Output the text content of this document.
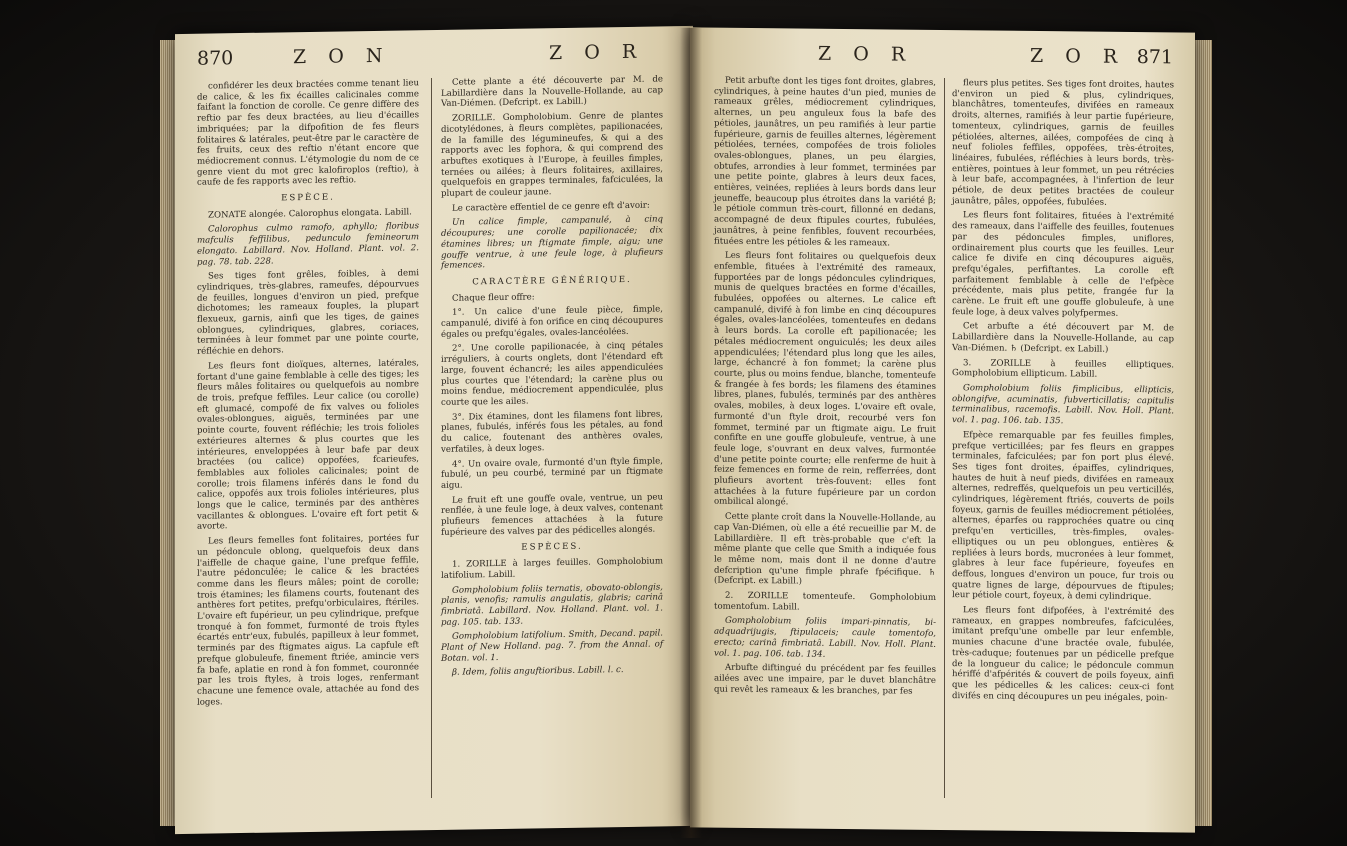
870	Z O N	Z O R

confidérer les deux bractées comme tenant lieu de calice, & les fix écailles calicinales comme faifant la fonction de corolle. Ce genre diffère des reftio par fes deux bractées, au lieu d'écailles imbriquées; par la difpofition de fes fleurs folitaires & latérales, peut-être par le caractère de fes fruits, ceux des reftio n'étant encore que médiocrement connus. L'étymologie du nom de ce genre vient du mot grec kalofiroplos (reftio), à caufe de fes rapports avec les reftio.

ESPÈCE.

ZONATE alongée. Calorophus elongata. Labill.

Calorophus culmo ramofo, aphyllo; floribus mafculis feffilibus, pedunculo femineorum elongato. Labillard. Nov. Holland. Plant. vol. 2. pag. 78. tab. 228.

Ses tiges font grêles, foibles, à demi cylindriques, très-glabres, rameufes, dépourvues de feuilles, longues d'environ un pied, prefque dichotomes; les rameaux fouples, la plupart flexueux, garnis, ainfi que les tiges, de gaines oblongues, cylindriques, glabres, coriaces, terminées à leur fommet par une pointe courte, réfléchie en dehors.

Les fleurs font dioïques, alternes, latérales, fortant d'une gaine femblable à celle des tiges; les fleurs mâles folitaires ou quelquefois au nombre de trois, prefque feffiles. Leur calice (ou corolle) eft glumacé, compofé de fix valves ou folioles ovales-oblongues, aiguës, terminées par une pointe courte, fouvent réfléchie; les trois folioles extérieures alternes & plus courtes que les intérieures, enveloppées à leur bafe par deux bractées (ou calice) oppofées, fcarieufes, femblables aux folioles calicinales; point de corolle; trois filamens inférés dans le fond du calice, oppofés aux trois folioles intérieures, plus longs que le calice, terminés par des anthères vacillantes & oblongues. L'ovaire eft fort petit & avorte.

Les fleurs femelles font folitaires, portées fur un pédoncule oblong, quelquefois deux dans l'aiffelle de chaque gaine, l'une prefque feffile, l'autre pédonculée; le calice & les bractées comme dans les fleurs mâles; point de corolle; trois étamines; les filamens courts, foutenant des anthères fort petites, prefqu'orbiculaires, ftériles. L'ovaire eft fupérieur, un peu cylindrique, prefque tronqué à fon fommet, furmonté de trois ftyles écartés entr'eux, fubulés, papilleux à leur fommet, terminés par des ftigmates aigus. La capfule eft prefque globuleufe, finement ftriée, amincie vers fa bafe, aplatie en rond à fon fommet, couronnée par les trois ftyles, à trois loges, renfermant chacune une femence ovale, attachée au fond des loges.

Cette plante a été découverte par M. de Labillardière dans la Nouvelle-Hollande, au cap Van-Diémen. (Defcript. ex Labill.)

ZORILLE. Gompholobium. Genre de plantes dicotylédones, à fleurs complètes, papilionacées, de la famille des légumineufes, & qui a des rapports avec les fophora, & qui comprend des arbuftes exotiques à l'Europe, à feuilles fimples, ternées ou ailées; à fleurs folitaires, axillaires, quelquefois en grappes terminales, fafciculées, la plupart de couleur jaune.

Le caractère effentiel de ce genre eft d'avoir:

Un calice fimple, campanulé, à cinq découpures; une corolle papilionacée; dix étamines libres; un ftigmate fimple, aigu; une gouffe ventrue, à une feule loge, à plufieurs femences.

CARACTÈRE GÉNÉRIQUE.

Chaque fleur offre:

1°. Un calice d'une feule pièce, fimple, campanulé, divifé à fon orifice en cinq découpures égales ou prefqu'égales, ovales-lancéolées.

2°. Une corolle papilionacée, à cinq pétales irréguliers, à courts onglets, dont l'étendard eft large, fouvent échancré; les ailes appendiculées plus courtes que l'étendard; la carène plus ou moins fendue, médiocrement appendiculée, plus courte que les ailes.

3°. Dix étamines, dont les filamens font libres, planes, fubulés, inférés fous les pétales, au fond du calice, foutenant des anthères ovales, verfatiles, à deux loges.

4°. Un ovaire ovale, furmonté d'un ftyle fimple, fubulé, un peu courbé, terminé par un ftigmate aigu.

Le fruit eft une gouffe ovale, ventrue, un peu renflée, à une feule loge, à deux valves, contenant plufieurs femences attachées à la future fupérieure des valves par des pédicelles alongés.

ESPÈCES.

1. ZORILLE à larges feuilles. Gompholobium latifolium. Labill.

Gompholobium foliis ternatis, obovato-oblongis, planis, venofis; ramulis angulatis, glabris; carinâ fimbriatâ. Labillard. Nov. Holland. Plant. vol. 1. pag. 105. tab. 133.

Gompholobium latifolium. Smith, Decand. papil. Plant of New Holland. pag. 7. from the Annal. of Botan. vol. 1.

β. Idem, foliis anguftioribus. Labill. l. c.

Z O R	Z O R 871

Petit arbufte dont les tiges font droites, glabres, cylindriques, à peine hautes d'un pied, munies de rameaux grêles, médiocrement cylindriques, alternes, un peu anguleux fous la bafe des pétioles, jaunâtres, un peu ramifiés à leur partie fupérieure, garnis de feuilles alternes, légèrement pétiolées, ternées, compofées de trois folioles ovales-oblongues, planes, un peu élargies, obtufes, arrondies à leur fommet, terminées par une petite pointe, glabres à leurs deux faces, entières, veinées, repliées à leurs bords dans leur jeuneffe, beaucoup plus étroites dans la variété β; le pétiole commun très-court, fillonné en dedans, accompagné de deux ftipules courtes, fubulées, jaunâtres, à peine fenfibles, fouvent recourbées, fituées entre les pétioles & les rameaux.

Les fleurs font folitaires ou quelquefois deux enfemble, fituées à l'extrémité des rameaux, fupportées par de longs pédoncules cylindriques, munis de quelques bractées en forme d'écailles, fubulées, oppofées ou alternes. Le calice eft campanulé, divifé à fon limbe en cinq découpures égales, ovales-lancéolées, tomenteufes en dedans à leurs bords. La corolle eft papilionacée; les pétales médiocrement onguiculés; les deux ailes appendiculées; l'étendard plus long que les ailes, large, échancré à fon fommet; la carène plus courte, plus ou moins fendue, blanche, tomenteufe & frangée à fes bords; les filamens des étamines libres, planes, fubulés, terminés par des anthères ovales, mobiles, à deux loges. L'ovaire eft ovale, furmonté d'un ftyle droit, recourbé vers fon fommet, terminé par un ftigmate aigu. Le fruit confifte en une gouffe globuleufe, ventrue, à une feule loge, s'ouvrant en deux valves, furmontée d'une petite pointe courte; elle renferme de huit à feize femences en forme de rein, refferrées, dont plufieurs avortent très-fouvent: elles font attachées à la future fupérieure par un cordon ombilical alongé.

Cette plante croît dans la Nouvelle-Hollande, au cap Van-Diémen, où elle a été recueillie par M. de Labillardière. Il eft très-probable que c'eft la même plante que celle que Smith a indiquée fous le même nom, mais dont il ne donne d'autre defcription qu'une fimple phrafe fpécifique. ♄ (Defcript. ex Labill.)

2. ZORILLE tomenteufe. Gompholobium tomentofum. Labill.

Gompholobium foliis impari-pinnatis, bi-adquadrijugis, ftipulaceis; caule tomentofo, erecto; carinâ fimbriatâ. Labill. Nov. Holl. Plant. vol. 1. pag. 106. tab. 134.

Arbufte diftingué du précédent par fes feuilles ailées avec une impaire, par le duvet blanchâtre qui revêt les rameaux & les branches, par fes

fleurs plus petites. Ses tiges font droites, hautes d'environ un pied & plus, cylindriques, blanchâtres, tomenteufes, divifées en rameaux droits, alternes, ramifiés à leur partie fupérieure, tomenteux, cylindriques, garnis de feuilles pétiolées, alternes, ailées, compofées de cinq à neuf folioles feffiles, oppofées, très-étroites, linéaires, fubulées, réfléchies à leurs bords, très-entières, pointues à leur fommet, un peu rétrécies à leur bafe, accompagnées, à l'infertion de leur pétiole, de deux petites bractées de couleur jaunâtre, pâles, oppofées, fubulées.

Les fleurs font folitaires, fituées à l'extrémité des rameaux, dans l'aiffelle des feuilles, foutenues par des pédoncules fimples, uniflores, ordinairement plus courts que les feuilles. Leur calice fe divife en cinq découpures aiguës, prefqu'égales, perfiftantes. La corolle eft parfaitement femblable à celle de l'efpèce précédente, mais plus petite, frangée fur la carène. Le fruit eft une gouffe globuleufe, à une feule loge, à deux valves polyfpermes.

Cet arbufte a été découvert par M. de Labillardière dans la Nouvelle-Hollande, au cap Van-Diémen. ♄ (Defcript. ex Labill.)

3. ZORILLE à feuilles elliptiques. Gompholobium ellipticum. Labill.

Gompholobium foliis fimplicibus, ellipticis, oblongifve, acuminatis, fubverticillatis; capitulis terminalibus, racemofis. Labill. Nov. Holl. Plant. vol. 1. pag. 106. tab. 135.

Efpèce remarquable par fes feuilles fimples, prefque verticillées; par fes fleurs en grappes terminales, fafciculées; par fon port plus élevé. Ses tiges font droites, épaiffes, cylindriques, hautes de huit à neuf pieds, divifées en rameaux alternes, redreffés, quelquefois un peu verticillés, cylindriques, légèrement ftriés, couverts de poils foyeux, garnis de feuilles médiocrement pétiolées, alternes, éparfes ou rapprochées quatre ou cinq prefqu'en verticilles, très-fimples, ovales-elliptiques ou un peu oblongues, entières & repliées à leurs bords, mucronées à leur fommet, glabres à leur face fupérieure, foyeufes en deffous, longues d'environ un pouce, fur trois ou quatre lignes de large, dépourvues de ftipules; leur pétiole court, foyeux, à demi cylindrique.

Les fleurs font difpofées, à l'extrémité des rameaux, en grappes nombreufes, fafciculées, imitant prefqu'une ombelle par leur enfemble, munies chacune d'une bractée ovale, fubulée, très-caduque; foutenues par un pédicelle prefque de la longueur du calice; le pédoncule commun hériffé d'afpérités & couvert de poils foyeux, ainfi que les pédicelles & les calices: ceux-ci font divifés en cinq découpures un peu inégales, poin-
